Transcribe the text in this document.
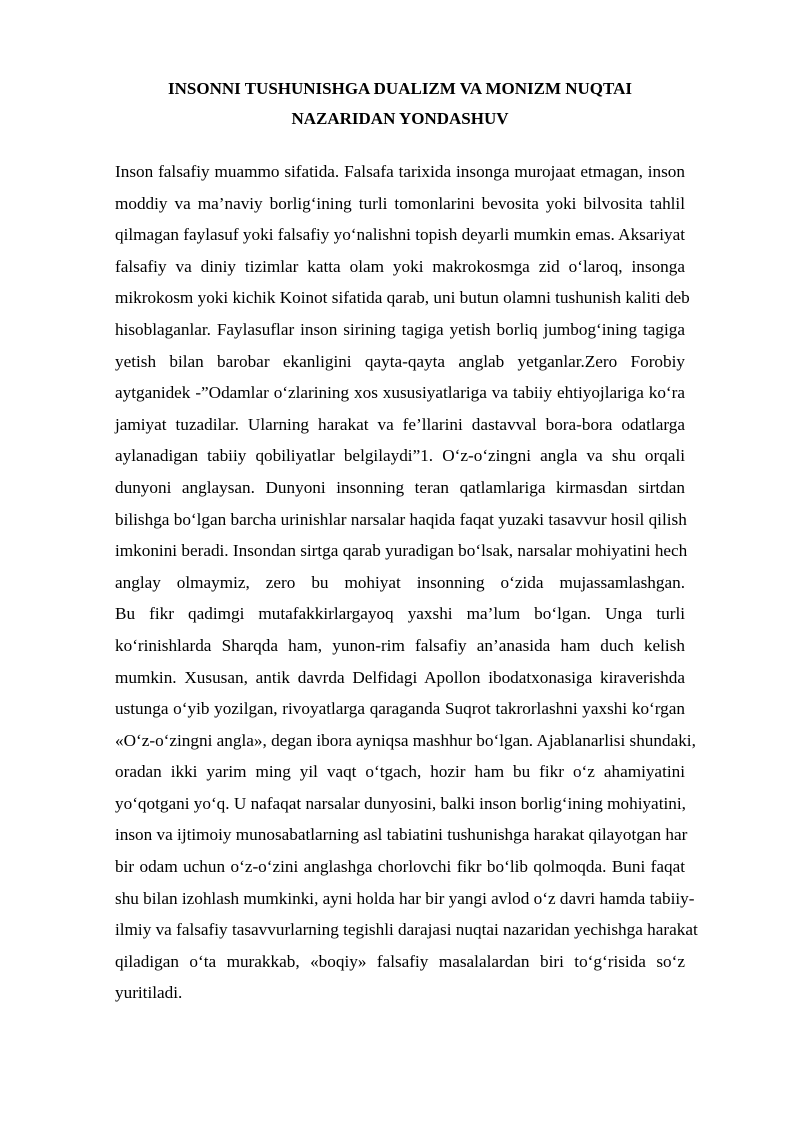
INSONNI TUSHUNISHGA DUALIZM VA MONIZM NUQTAI
NAZARIDAN YONDASHUV
Inson falsafiy muammo sifatida. Falsafa tarixida insonga murojaat etmagan, inson
moddiy va ma’naviy borlig‘ining turli tomonlarini bevosita yoki bilvosita tahlil
qilmagan faylasuf yoki falsafiy yo‘nalishni topish deyarli mumkin emas. Aksariyat
falsafiy va diniy tizimlar katta olam yoki makrokosmga zid o‘laroq, insonga
mikrokosm yoki kichik Koinot sifatida qarab, uni butun olamni tushunish kaliti deb
hisoblaganlar. Faylasuflar inson sirining tagiga yetish borliq jumbog‘ining tagiga
yetish bilan barobar ekanligini qayta-qayta anglab yetganlar.Zero Forobiy
aytganidek -”Odamlar o‘zlarining xos xususiyatlariga va tabiiy ehtiyojlariga ko‘ra
jamiyat tuzadilar. Ularning harakat va fe’llarini dastavval bora-bora odatlarga
aylanadigan tabiiy qobiliyatlar belgilaydi”1. O‘z-o‘zingni angla va shu orqali
dunyoni anglaysan. Dunyoni insonning teran qatlamlariga kirmasdan sirtdan
bilishga bo‘lgan barcha urinishlar narsalar haqida faqat yuzaki tasavvur hosil qilish
imkonini beradi. Insondan sirtga qarab yuradigan bo‘lsak, narsalar mohiyatini hech
anglay olmaymiz, zero bu mohiyat insonning o‘zida mujassamlashgan.
Bu fikr qadimgi mutafakkirlargayoq yaxshi ma’lum bo‘lgan. Unga turli
ko‘rinishlarda Sharqda ham, yunon-rim falsafiy an’anasida ham duch kelish
mumkin. Xususan, antik davrda Delfidagi Apollon ibodatxonasiga kiraverishda
ustunga o‘yib yozilgan, rivoyatlarga qaraganda Suqrot takrorlashni yaxshi ko‘rgan
«O‘z-o‘zingni angla», degan ibora ayniqsa mashhur bo‘lgan. Ajablanarlisi shundaki,
oradan ikki yarim ming yil vaqt o‘tgach, hozir ham bu fikr o‘z ahamiyatini
yo‘qotgani yo‘q. U nafaqat narsalar dunyosini, balki inson borlig‘ining mohiyatini,
inson va ijtimoiy munosabatlarning asl tabiatini tushunishga harakat qilayotgan har
bir odam uchun o‘z-o‘zini anglashga chorlovchi fikr bo‘lib qolmoqda. Buni faqat
shu bilan izohlash mumkinki, ayni holda har bir yangi avlod o‘z davri hamda tabiiy-
ilmiy va falsafiy tasavvurlarning tegishli darajasi nuqtai nazaridan yechishga harakat
qiladigan o‘ta murakkab, «boqiy» falsafiy masalalardan biri to‘g‘risida so‘z
yuritiladi.
